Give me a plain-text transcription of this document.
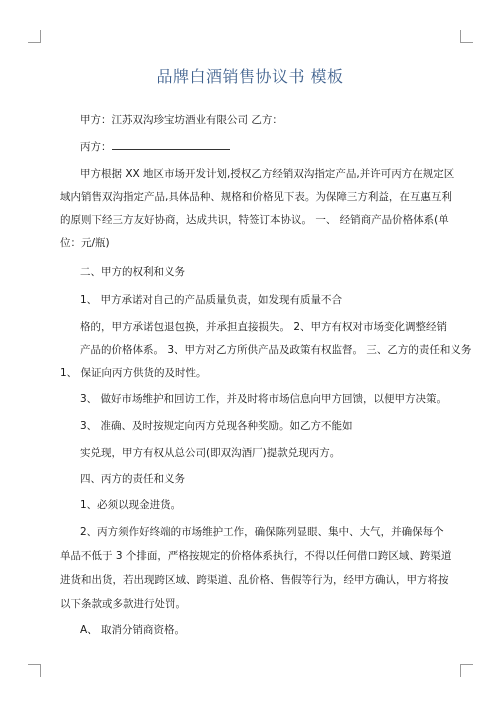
品牌白酒销售协议书 模板
甲方：江苏双沟珍宝坊酒业有限公司 乙方：
丙方：
甲方根据 XX 地区市场开发计划,授权乙方经销双沟指定产品,并许可丙方在规定区
域内销售双沟指定产品,具体品种、规格和价格见下表。为保障三方利益，在互惠互利
的原则下经三方友好协商，达成共识，特签订本协议。 一、 经销商产品价格体系(单
位：元/瓶)
二、甲方的权利和义务
1、 甲方承诺对自己的产品质量负责，如发现有质量不合
格的，甲方承诺包退包换，并承担直接损失。 2、甲方有权对市场变化调整经销
产品的价格体系。 3、甲方对乙方所供产品及政策有权监督。 三、乙方的责任和义务
1、 保证向丙方供货的及时性。
3、 做好市场维护和回访工作，并及时将市场信息向甲方回馈，以便甲方决策。
3、 准确、及时按规定向丙方兑现各种奖励。如乙方不能如
实兑现，甲方有权从总公司(即双沟酒厂)提款兑现丙方。
四、丙方的责任和义务
1、必须以现金进货。
2、丙方须作好终端的市场维护工作，确保陈列显眼、集中、大气，并确保每个
单品不低于 3 个排面，严格按规定的价格体系执行，不得以任何借口跨区域、跨渠道
进货和出货，若出现跨区域、跨渠道、乱价格、售假等行为，经甲方确认，甲方将按
以下条款或多款进行处罚。
A、 取消分销商资格。
